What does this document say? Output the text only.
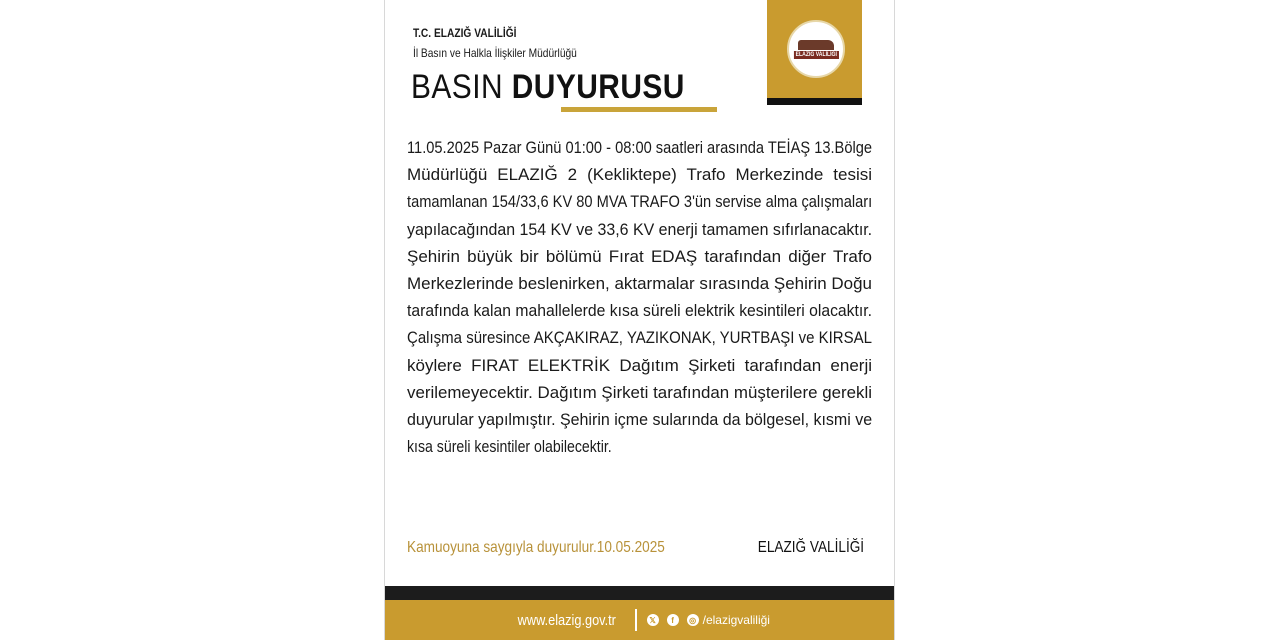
T.C. ELAZIĞ VALİLİĞİ
İl Basın ve Halkla İlişkiler Müdürlüğü
BASIN DUYURUSU
ELAZIĞ VALİLİĞİ
11.05.2025 Pazar Günü 01:00 - 08:00 saatleri arasında TEİAŞ 13.Bölge
Müdürlüğü ELAZIĞ 2 (Kekliktepe) Trafo Merkezinde tesisi
tamamlanan 154/33,6 KV 80 MVA TRAFO 3'ün servise alma çalışmaları
yapılacağından 154 KV ve 33,6 KV enerji tamamen sıfırlanacaktır.
Şehirin büyük bir bölümü Fırat EDAŞ tarafından diğer Trafo
Merkezlerinde beslenirken, aktarmalar sırasında Şehirin Doğu
tarafında kalan mahallelerde kısa süreli elektrik kesintileri olacaktır.
Çalışma süresince AKÇAKIRAZ, YAZIKONAK, YURTBAŞI ve KIRSAL
köylere FIRAT ELEKTRİK Dağıtım Şirketi tarafından enerji
verilemeyecektir. Dağıtım Şirketi tarafından müşterilere gerekli
duyurular yapılmıştır. Şehirin içme sularında da bölgesel, kısmi ve
kısa süreli kesintiler olabilecektir.
Kamuoyuna saygıyla duyurulur.10.05.2025	ELAZIĞ VALİLİĞİ
www.elazig.gov.tr	𝕏	f	◎ /elazigvaliliği
